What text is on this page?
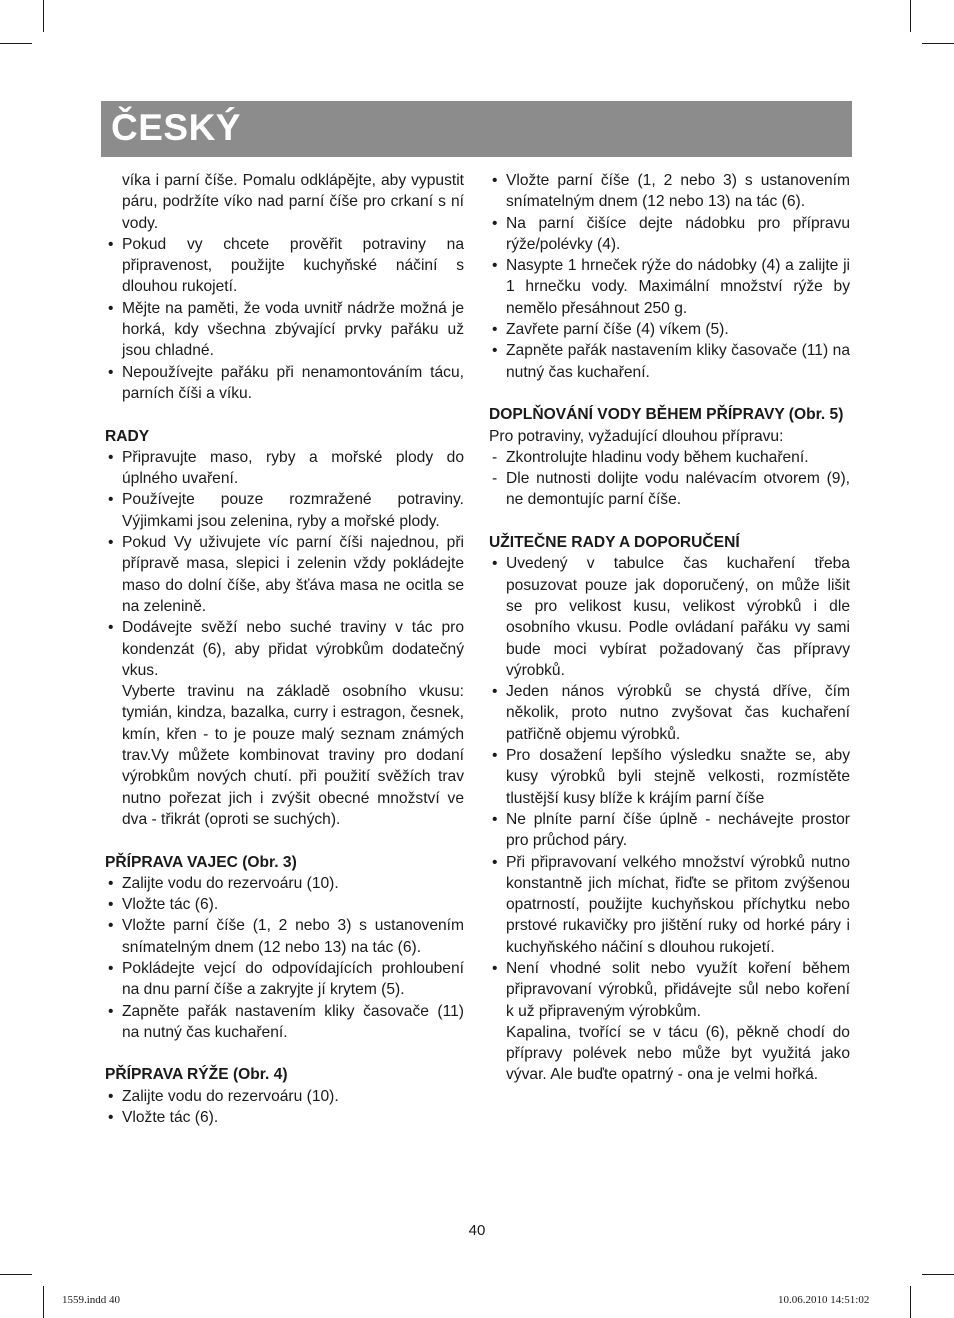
ČESKÝ

víka i parní číše. Pomalu odklápějte, aby vypustit páru, podržíte víko nad parní číše pro crkaní s ní vody.

• Pokud vy chcete prověřit potraviny na připravenost, použijte kuchyňské náčiní s dlouhou rukojetí.

• Mějte na paměti, že voda uvnitř nádrže možná je horká, kdy všechna zbývající prvky pařáku už jsou chladné.

• Nepoužívejte pařáku při nenamontováním tácu, parních číši a víku.

RADY

• Připravujte maso, ryby a mořské plody do úplného uvaření.

• Používejte pouze rozmražené potraviny. Výjimkami jsou zelenina, ryby a mořské plody.

• Pokud Vy uživujete víc parní číši najednou, při přípravě masa, slepici i zelenin vždy pokládejte maso do dolní číše, aby šťáva masa ne ocitla se na zelenině.

• Dodávejte svěží nebo suché traviny v tác pro kondenzát (6), aby přidat výrobkům dodatečný vkus.

Vyberte travinu na základě osobního vkusu: tymián, kindza, bazalka, curry i estragon, česnek, kmín, křen - to je pouze malý seznam známých trav.Vy můžete kombinovat traviny pro dodaní výrobkům nových chutí. při použití svěžích trav nutno pořezat jich i zvýšit obecné množství ve dva - třikrát (oproti se suchých).

PŘÍPRAVA VAJEC (Obr. 3)

• Zalijte vodu do rezervoáru (10).

• Vložte tác (6).

• Vložte parní číše (1, 2 nebo 3) s ustanovením snímatelným dnem (12 nebo 13) na tác (6).

• Pokládejte vejcí do odpovídajících prohloubení na dnu parní číše a zakryjte jí krytem (5).

• Zapněte pařák nastavením kliky časovače (11) na nutný čas kuchaření.

PŘÍPRAVA RÝŽE (Obr. 4)

• Zalijte vodu do rezervoáru (10).

• Vložte tác (6).

• Vložte parní číše (1, 2 nebo 3) s ustanovením snímatelným dnem (12 nebo 13) na tác (6).

• Na parní čišíce dejte nádobku pro přípravu rýže/polévky (4).

• Nasypte 1 hrneček rýže do nádobky (4) a zalijte ji 1 hrnečku vody. Maximální množství rýže by nemělo přesáhnout 250 g.

• Zavřete parní číše (4) víkem (5).

• Zapněte pařák nastavením kliky časovače (11) na nutný čas kuchaření.

DOPLŇOVÁNÍ VODY BĚHEM PŘÍPRAVY (Obr. 5)

Pro potraviny, vyžadující dlouhou přípravu:

- Zkontrolujte hladinu vody během kuchaření.

- Dle nutnosti dolijte vodu nalévacím otvorem (9), ne demontujíc parní číše.

UŽITEČNE RADY A DOPORUČENÍ

• Uvedený v tabulce čas kuchaření třeba posuzovat pouze jak doporučený, on může lišit se pro velikost kusu, velikost výrobků i dle osobního vkusu. Podle ovládaní pařáku vy sami bude moci vybírat požadovaný čas přípravy výrobků.

• Jeden nános výrobků se chystá dříve, čím několik, proto nutno zvyšovat čas kuchaření patřičně objemu výrobků.

• Pro dosažení lepšího výsledku snažte se, aby kusy výrobků byli stejně velkosti, rozmístěte tlustější kusy blíže k krájím parní číše

• Ne plníte parní číše úplně - nechávejte prostor pro průchod páry.

• Při připravovaní velkého množství výrobků nutno konstantně jich míchat, řiďte se přitom zvýšenou opatrností, použijte kuchyňskou příchytku nebo prstové rukavičky pro jištění ruky od horké páry i kuchyňského náčiní s dlouhou rukojetí.

• Není vhodné solit nebo využít koření během připravovaní výrobků, přidávejte sůl nebo koření k už připraveným výrobkům.

Kapalina, tvořící se v tácu (6), pěkně chodí do přípravy polévek nebo může byt využitá jako vývar. Ale buďte opatrný - ona je velmi hořká.

40
1559.indd 40	10.06.2010 14:51:02
